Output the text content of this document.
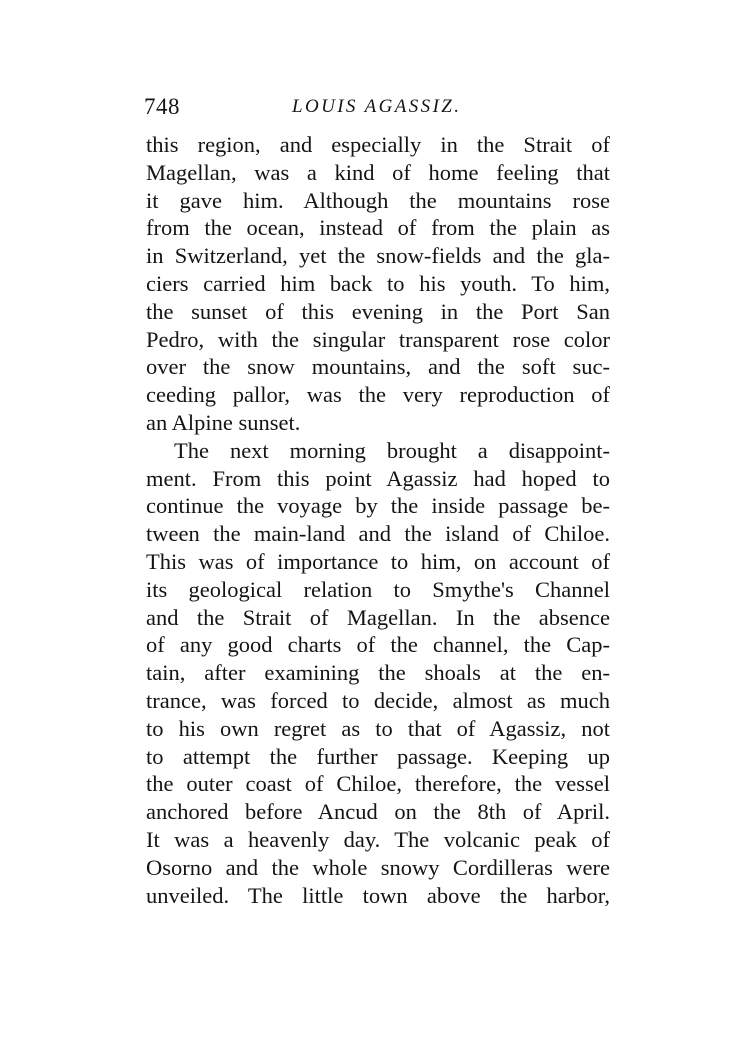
748	LOUIS AGASSIZ.
this region, and especially in the Strait of
Magellan, was a kind of home feeling that
it gave him. Although the mountains rose
from the ocean, instead of from the plain as
in Switzerland, yet the snow-fields and the gla-
ciers carried him back to his youth. To him,
the sunset of this evening in the Port San
Pedro, with the singular transparent rose color
over the snow mountains, and the soft suc-
ceeding pallor, was the very reproduction of
an Alpine sunset.
The next morning brought a disappoint-
ment. From this point Agassiz had hoped to
continue the voyage by the inside passage be-
tween the main-land and the island of Chiloe.
This was of importance to him, on account of
its geological relation to Smythe's Channel
and the Strait of Magellan. In the absence
of any good charts of the channel, the Cap-
tain, after examining the shoals at the en-
trance, was forced to decide, almost as much
to his own regret as to that of Agassiz, not
to attempt the further passage. Keeping up
the outer coast of Chiloe, therefore, the vessel
anchored before Ancud on the 8th of April.
It was a heavenly day. The volcanic peak of
Osorno and the whole snowy Cordilleras were
unveiled. The little town above the harbor,
